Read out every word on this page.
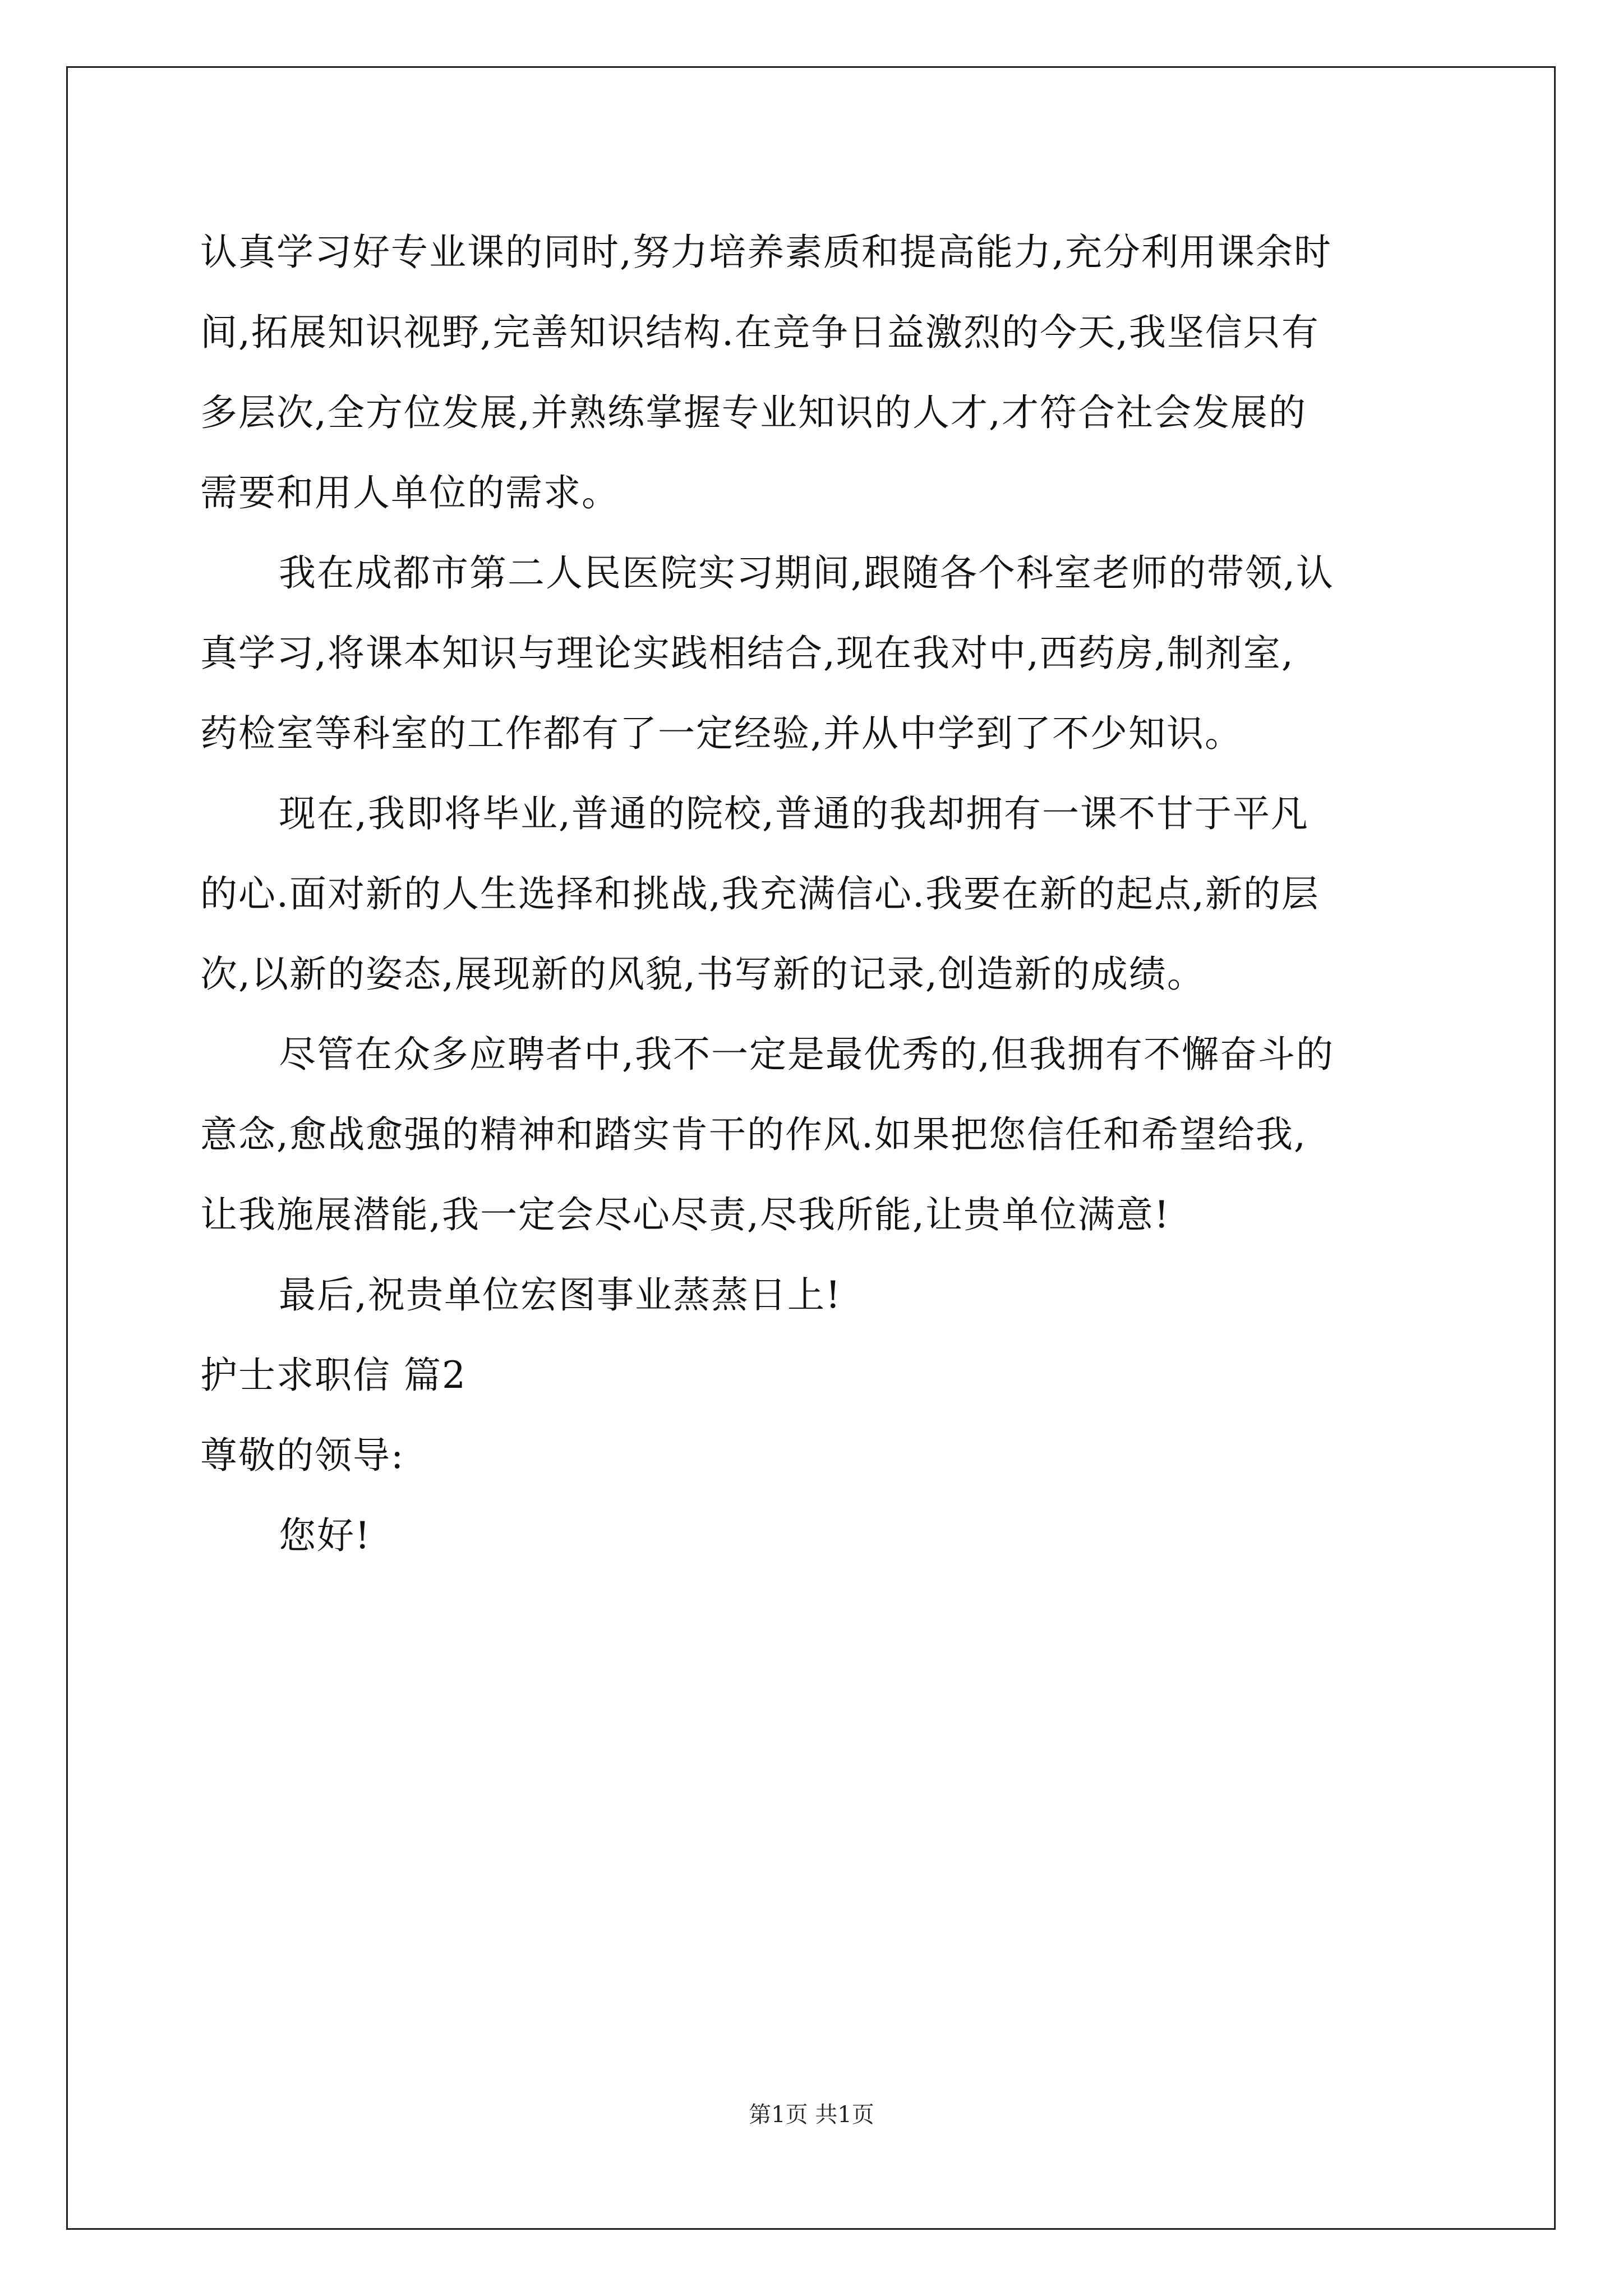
认真学习好专业课的同时,努力培养素质和提高能力,充分利用课余时
间,拓展知识视野,完善知识结构.在竞争日益激烈的今天,我坚信只有
多层次,全方位发展,并熟练掌握专业知识的人才,才符合社会发展的
需要和用人单位的需求。
我在成都市第二人民医院实习期间,跟随各个科室老师的带领,认
真学习,将课本知识与理论实践相结合,现在我对中,西药房,制剂室,
药检室等科室的工作都有了一定经验,并从中学到了不少知识。
现在,我即将毕业,普通的院校,普通的我却拥有一课不甘于平凡
的心.面对新的人生选择和挑战,我充满信心.我要在新的起点,新的层
次,以新的姿态,展现新的风貌,书写新的记录,创造新的成绩。
尽管在众多应聘者中,我不一定是最优秀的,但我拥有不懈奋斗的
意念,愈战愈强的精神和踏实肯干的作风.如果把您信任和希望给我,
让我施展潜能,我一定会尽心尽责,尽我所能,让贵单位满意!
最后,祝贵单位宏图事业蒸蒸日上!
护士求职信 篇2
尊敬的领导:
您好!
第1页 共1页
